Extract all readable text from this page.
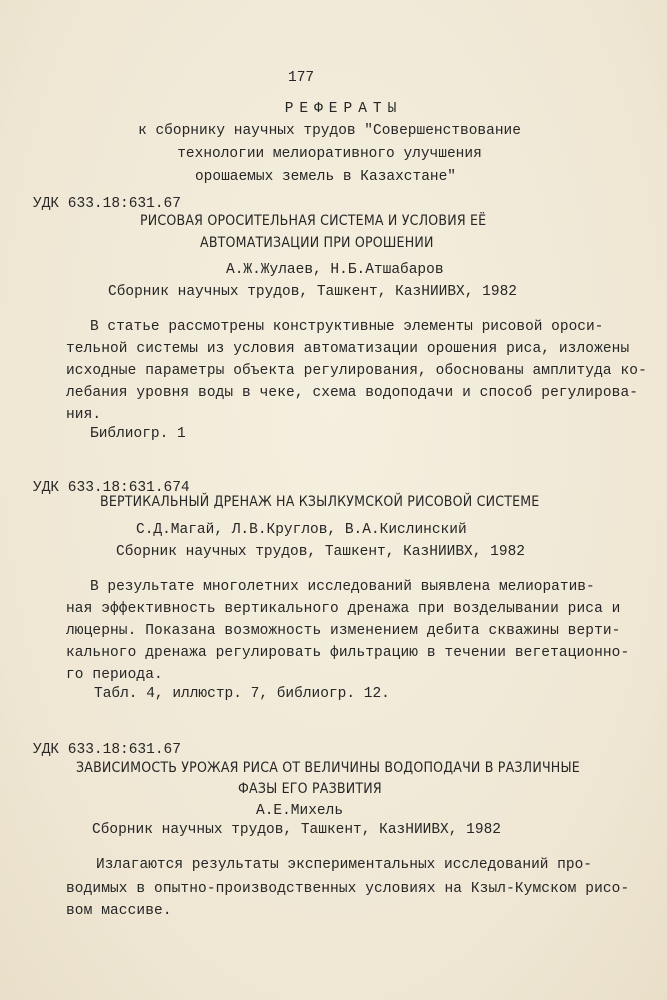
177
РЕФЕРАТЫ
к сборнику научных трудов "Совершенствование
технологии мелиоративного улучшения
орошаемых земель в Казахстане"
УДК 633.18:631.67
РИСОВАЯ ОРОСИТЕЛЬНАЯ СИСТЕМА И УСЛОВИЯ ЕЁ
АВТОМАТИЗАЦИИ ПРИ ОРОШЕНИИ
А.Ж.Жулаев, Н.Б.Атшабаров
Сборник научных трудов, Ташкент, КазНИИВХ, 1982
В статье рассмотрены конструктивные элементы рисовой ороси-
тельной системы из условия автоматизации орошения риса, изложены
исходные параметры объекта регулирования, обоснованы амплитуда ко-
лебания уровня воды в чеке, схема водоподачи и способ регулирова-
ния.
Библиогр. 1
УДК 633.18:631.674
ВЕРТИКАЛЬНЫЙ ДРЕНАЖ НА КЗЫЛКУМСКОЙ РИСОВОЙ СИСТЕМЕ
С.Д.Магай, Л.В.Круглов, В.А.Кислинский
Сборник научных трудов, Ташкент, КазНИИВХ, 1982
В результате многолетних исследований выявлена мелиоратив-
ная эффективность вертикального дренажа при возделывании риса и
люцерны. Показана возможность изменением дебита скважины верти-
кального дренажа регулировать фильтрацию в течении вегетационно-
го периода.
Табл. 4, иллюстр. 7, библиогр. 12.
УДК 633.18:631.67
ЗАВИСИМОСТЬ УРОЖАЯ РИСА ОТ ВЕЛИЧИНЫ ВОДОПОДАЧИ В РАЗЛИЧНЫЕ
ФАЗЫ ЕГО РАЗВИТИЯ
А.Е.Михель
Сборник научных трудов, Ташкент, КазНИИВХ, 1982
Излагаются результаты экспериментальных исследований про-
водимых в опытно-производственных условиях на Кзыл-Кумском рисо-
вом массиве.
